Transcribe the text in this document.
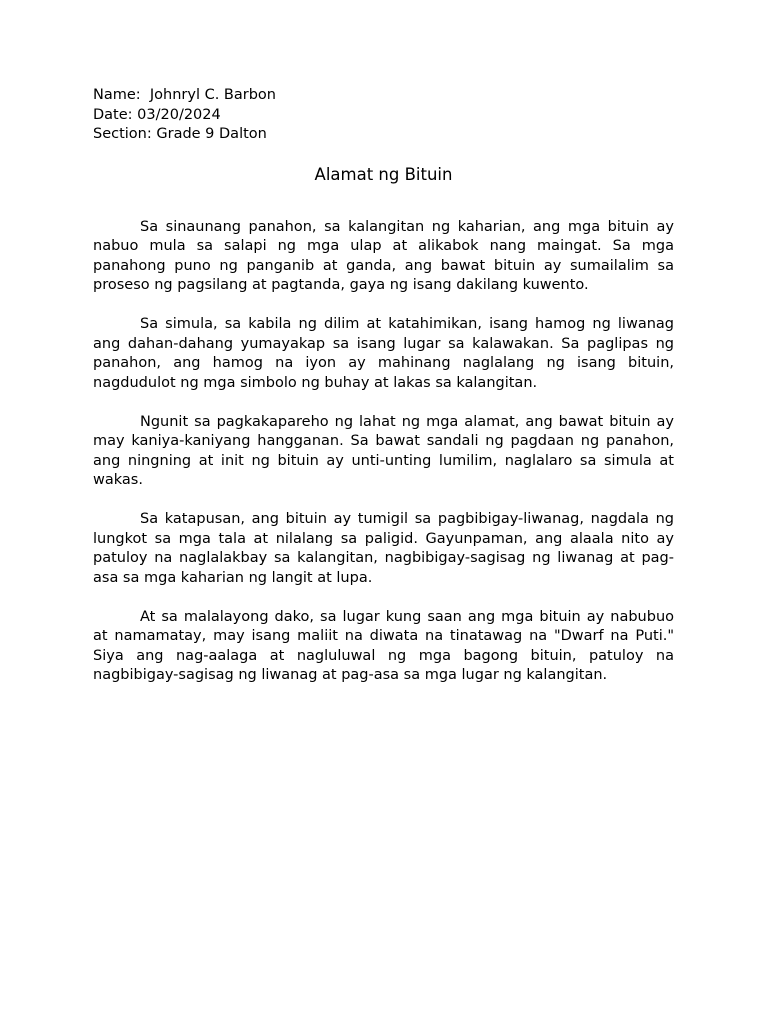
Name:  Johnryl C. Barbon
Date: 03/20/2024
Section: Grade 9 Dalton
Alamat ng Bituin

Sa sinaunang panahon, sa kalangitan ng kaharian, ang mga bituin ay nabuo mula sa salapi ng mga ulap at alikabok nang maingat. Sa mga panahong puno ng panganib at ganda, ang bawat bituin ay sumailalim sa proseso ng pagsilang at pagtanda, gaya ng isang dakilang kuwento.

Sa simula, sa kabila ng dilim at katahimikan, isang hamog ng liwanag ang dahan-dahang yumayakap sa isang lugar sa kalawakan. Sa paglipas ng panahon, ang hamog na iyon ay mahinang naglalang ng isang bituin, nagdudulot ng mga simbolo ng buhay at lakas sa kalangitan.

Ngunit sa pagkakapareho ng lahat ng mga alamat, ang bawat bituin ay may kaniya-kaniyang hangganan. Sa bawat sandali ng pagdaan ng panahon, ang ningning at init ng bituin ay unti-unting lumilim, naglalaro sa simula at wakas.

Sa katapusan, ang bituin ay tumigil sa pagbibigay-liwanag, nagdala ng lungkot sa mga tala at nilalang sa paligid. Gayunpaman, ang alaala nito ay patuloy na naglalakbay sa kalangitan, nagbibigay-sagisag ng liwanag at pag-asa sa mga kaharian ng langit at lupa.

At sa malalayong dako, sa lugar kung saan ang mga bituin ay nabubuo at namamatay, may isang maliit na diwata na tinatawag na "Dwarf na Puti." Siya ang nag-aalaga at nagluluwal ng mga bagong bituin, patuloy na nagbibigay-sagisag ng liwanag at pag-asa sa mga lugar ng kalangitan.
